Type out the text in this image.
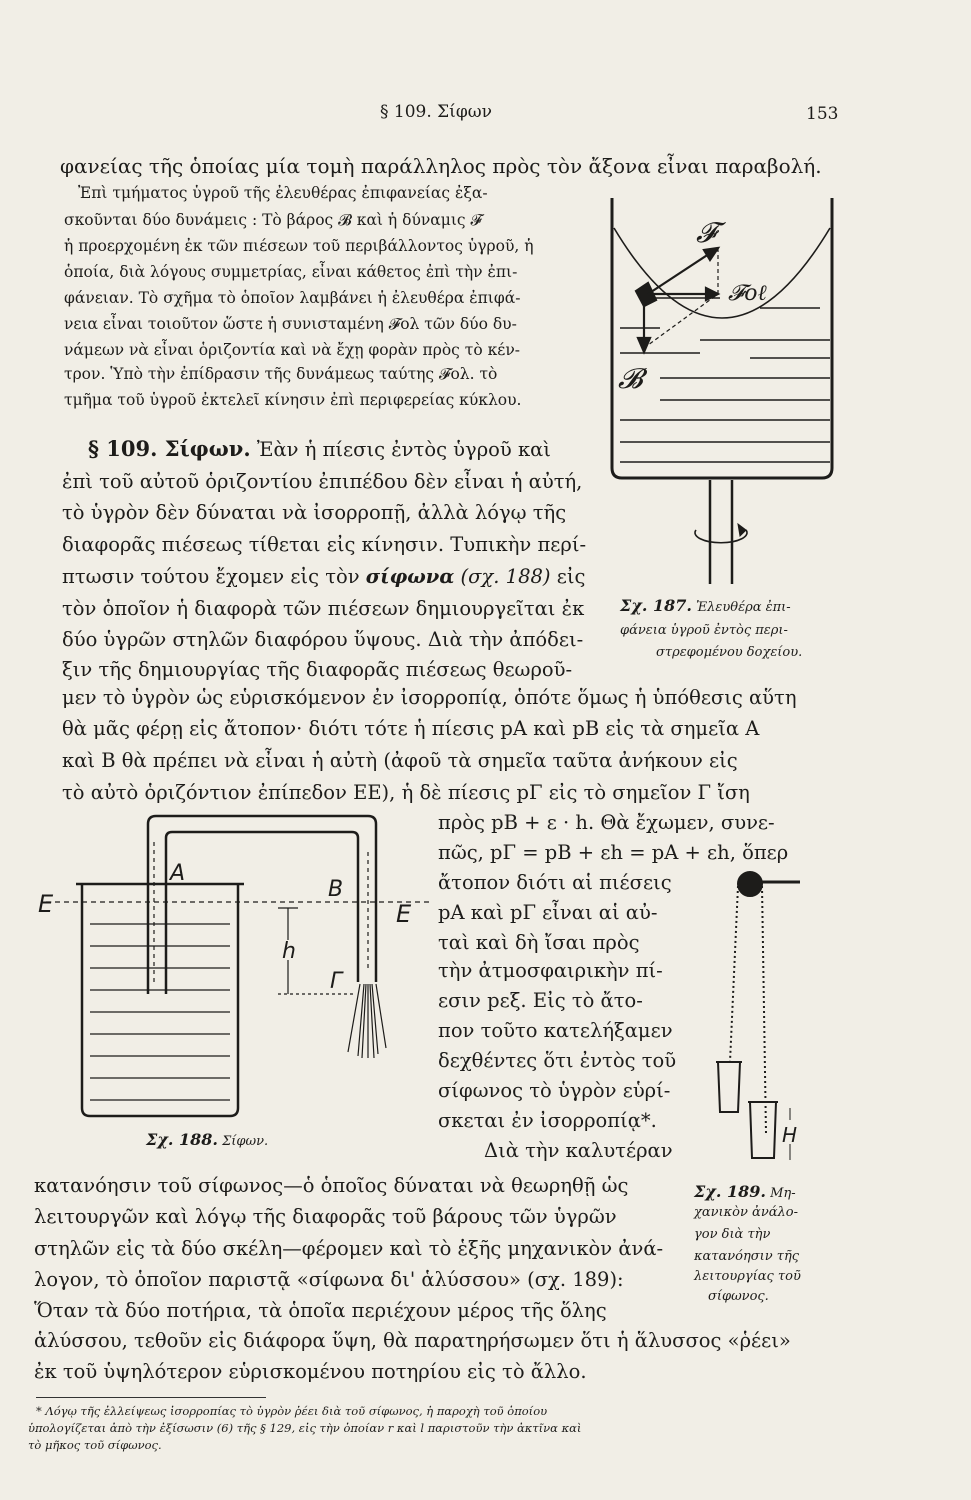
§ 109. Σίφων	153
φανείας τῆς ὁποίας μία τομὴ παράλληλος πρὸς τὸν ἄξονα εἶναι παραβολή.
Ἐπὶ τμήματος ὑγροῦ τῆς ἐλευθέρας ἐπιφανείας ἐξα-
σκοῦνται δύο δυνάμεις : Τὸ βάρος 𝓑 καὶ ἡ δύναμις 𝓕
ἡ προερχομένη ἐκ τῶν πιέσεων τοῦ περιβάλλοντος ὑγροῦ, ἡ
ὁποία, διὰ λόγους συμμετρίας, εἶναι κάθετος ἐπὶ τὴν ἐπι-
φάνειαν. Τὸ σχῆμα τὸ ὁποῖον λαμβάνει ἡ ἐλευθέρα ἐπιφά-
νεια εἶναι τοιοῦτον ὥστε ἡ συνισταμένη 𝓕ολ τῶν δύο δυ-
νάμεων νὰ εἶναι ὁριζοντία καὶ νὰ ἔχῃ φορὰν πρὸς τὸ κέν-
τρον. Ὑπὸ τὴν ἐπίδρασιν τῆς δυνάμεως ταύτης 𝓕ολ. τὸ
τμῆμα τοῦ ὑγροῦ ἐκτελεῖ κίνησιν ἐπὶ περιφερείας κύκλου.
§ 109. Σίφων. Ἐὰν ἡ πίεσις ἐντὸς ὑγροῦ καὶ
ἐπὶ τοῦ αὐτοῦ ὁριζοντίου ἐπιπέδου δὲν εἶναι ἡ αὐτή,
τὸ ὑγρὸν δὲν δύναται νὰ ἰσορροπῇ, ἀλλὰ λόγῳ τῆς
διαφορᾶς πιέσεως τίθεται εἰς κίνησιν. Τυπικὴν περί-
πτωσιν τούτου ἔχομεν εἰς τὸν σίφωνα (σχ. 188) εἰς
τὸν ὁποῖον ἡ διαφορὰ τῶν πιέσεων δημιουργεῖται ἐκ
δύο ὑγρῶν στηλῶν διαφόρου ὕψους. Διὰ τὴν ἀπόδει-
ξιν τῆς δημιουργίας τῆς διαφορᾶς πιέσεως θεωροῦ-
μεν τὸ ὑγρὸν ὡς εὑρισκόμενον ἐν ἰσορροπίᾳ, ὁπότε ὅμως ἡ ὑπόθεσις αὕτη
θὰ μᾶς φέρῃ εἰς ἄτοπον· διότι τότε ἡ πίεσις pA καὶ pB εἰς τὰ σημεῖα A
καὶ B θὰ πρέπει νὰ εἶναι ἡ αὐτὴ (ἀφοῦ τὰ σημεῖα ταῦτα ἀνήκουν εἰς
τὸ αὐτὸ ὁριζόντιον ἐπίπεδον EE), ἡ δὲ πίεσις pΓ εἰς τὸ σημεῖον Γ ἴση
πρὸς pB + ε · h. Θὰ ἔχωμεν, συνε-
πῶς, pΓ = pB + εh = pA + εh, ὅπερ
ἄτοπον διότι αἱ πιέσεις
pA καὶ pΓ εἶναι αἱ αὐ-
ταὶ καὶ δὴ ἴσαι πρὸς
τὴν ἀτμοσφαιρικὴν πί-
εσιν pεξ. Εἰς τὸ ἄτο-
πον τοῦτο κατελήξαμεν
δεχθέντες ὅτι ἐντὸς τοῦ
σίφωνος τὸ ὑγρὸν εὑρί-
σκεται ἐν ἰσορροπίᾳ*.
Διὰ τὴν καλυτέραν
κατανόησιν τοῦ σίφωνος—ὁ ὁποῖος δύναται νὰ θεωρηθῇ ὡς
λειτουργῶν καὶ λόγῳ τῆς διαφορᾶς τοῦ βάρους τῶν ὑγρῶν
στηλῶν εἰς τὰ δύο σκέλη—φέρομεν καὶ τὸ ἑξῆς μηχανικὸν ἀνά-
λογον, τὸ ὁποῖον παριστᾷ «σίφωνα δι' ἁλύσσου» (σχ. 189):
Ὅταν τὰ δύο ποτήρια, τὰ ὁποῖα περιέχουν μέρος τῆς ὅλης
ἁλύσσου, τεθοῦν εἰς διάφορα ὕψη, θὰ παρατηρήσωμεν ὅτι ἡ ἅλυσσος «ῥέει»
ἐκ τοῦ ὑψηλότερον εὑρισκομένου ποτηρίου εἰς τὸ ἄλλο.
* Λόγῳ τῆς ἐλλείψεως ἰσορροπίας τὸ ὑγρὸν ῥέει διὰ τοῦ σίφωνος, ἡ παροχὴ τοῦ ὁποίου
ὑπολογίζεται ἀπὸ τὴν ἐξίσωσιν (6) τῆς § 129, εἰς τὴν ὁποίαν r καὶ l παριστοῦν τὴν ἀκτῖνα καὶ
τὸ μῆκος τοῦ σίφωνος.
𝓕
𝓕οℓ
𝓑
Σχ. 187. Ἐλευθέρα ἐπι-
φάνεια ὑγροῦ ἐντὸς περι-
στρεφομένου δοχείου.
E	E
A
B
h
Γ
Σχ. 188. Σίφων.	H
Σχ. 189. Μη-
χανικὸν ἀνάλο-
γον διὰ τὴν
κατανόησιν τῆς
λειτουργίας τοῦ
σίφωνος.
